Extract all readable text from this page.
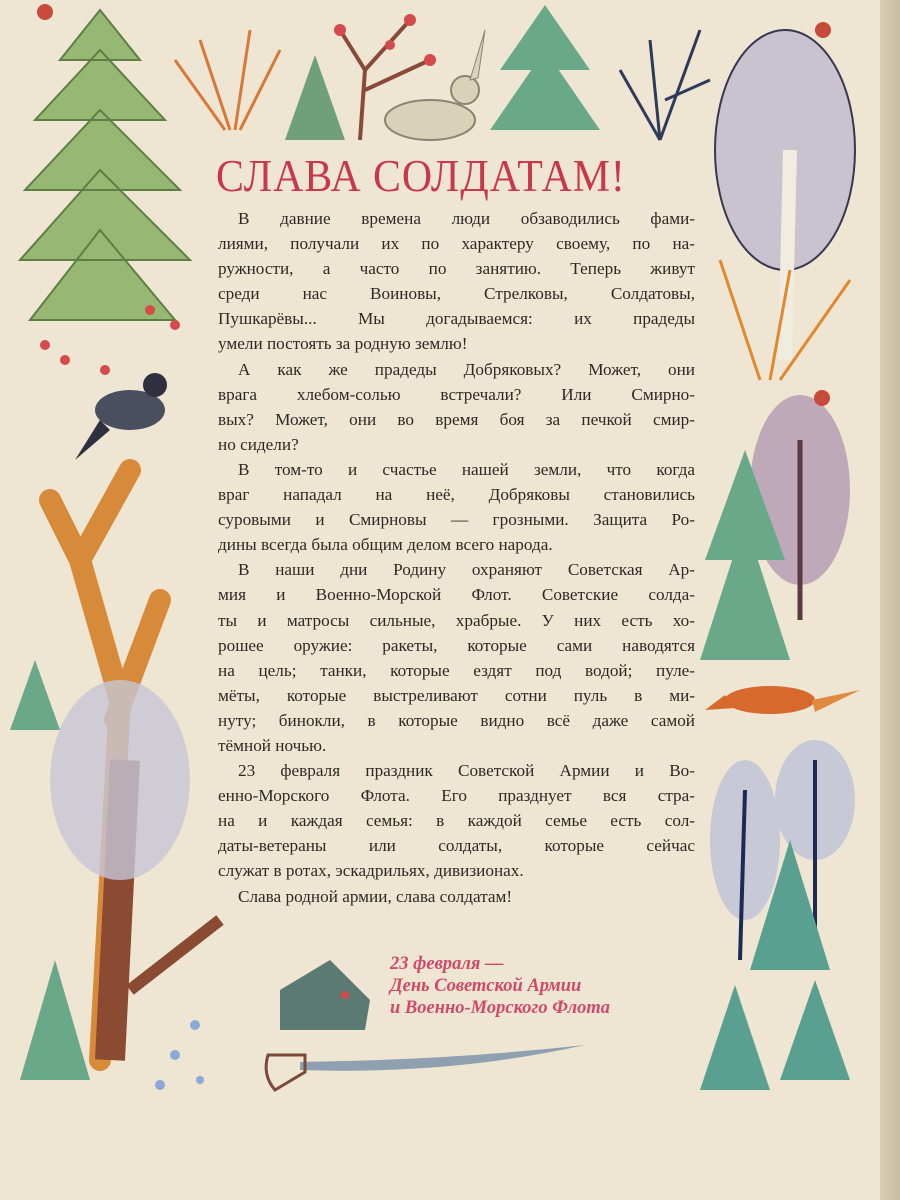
СЛАВА СОЛДАТАМ!
В давние времена люди обзаводились фами-
лиями, получали их по характеру своему, по на-
ружности, а часто по занятию. Теперь живут
среди нас Воиновы, Стрелковы, Солдатовы,
Пушкарёвы... Мы догадываемся: их прадеды
умели постоять за родную землю!
А как же прадеды Добряковых? Может, они
врага хлебом-солью встречали? Или Смирно-
вых? Может, они во время боя за печкой смир-
но сидели?
В том-то и счастье нашей земли, что когда
враг нападал на неё, Добряковы становились
суровыми и Смирновы — грозными. Защита Ро-
дины всегда была общим делом всего народа.
В наши дни Родину охраняют Советская Ар-
мия и Военно-Морской Флот. Советские солда-
ты и матросы сильные, храбрые. У них есть хо-
рошее оружие: ракеты, которые сами наводятся
на цель; танки, которые ездят под водой; пуле-
мёты, которые выстреливают сотни пуль в ми-
нуту; бинокли, в которые видно всё даже самой
тёмной ночью.
23 февраля праздник Советской Армии и Во-
енно-Морского Флота. Его празднует вся стра-
на и каждая семья: в каждой семье есть сол-
даты-ветераны или солдаты, которые сейчас
служат в ротах, эскадрильях, дивизионах.
Слава родной армии, слава солдатам!
23 февраля —
День Советской Армии
и Военно-Морского Флота
